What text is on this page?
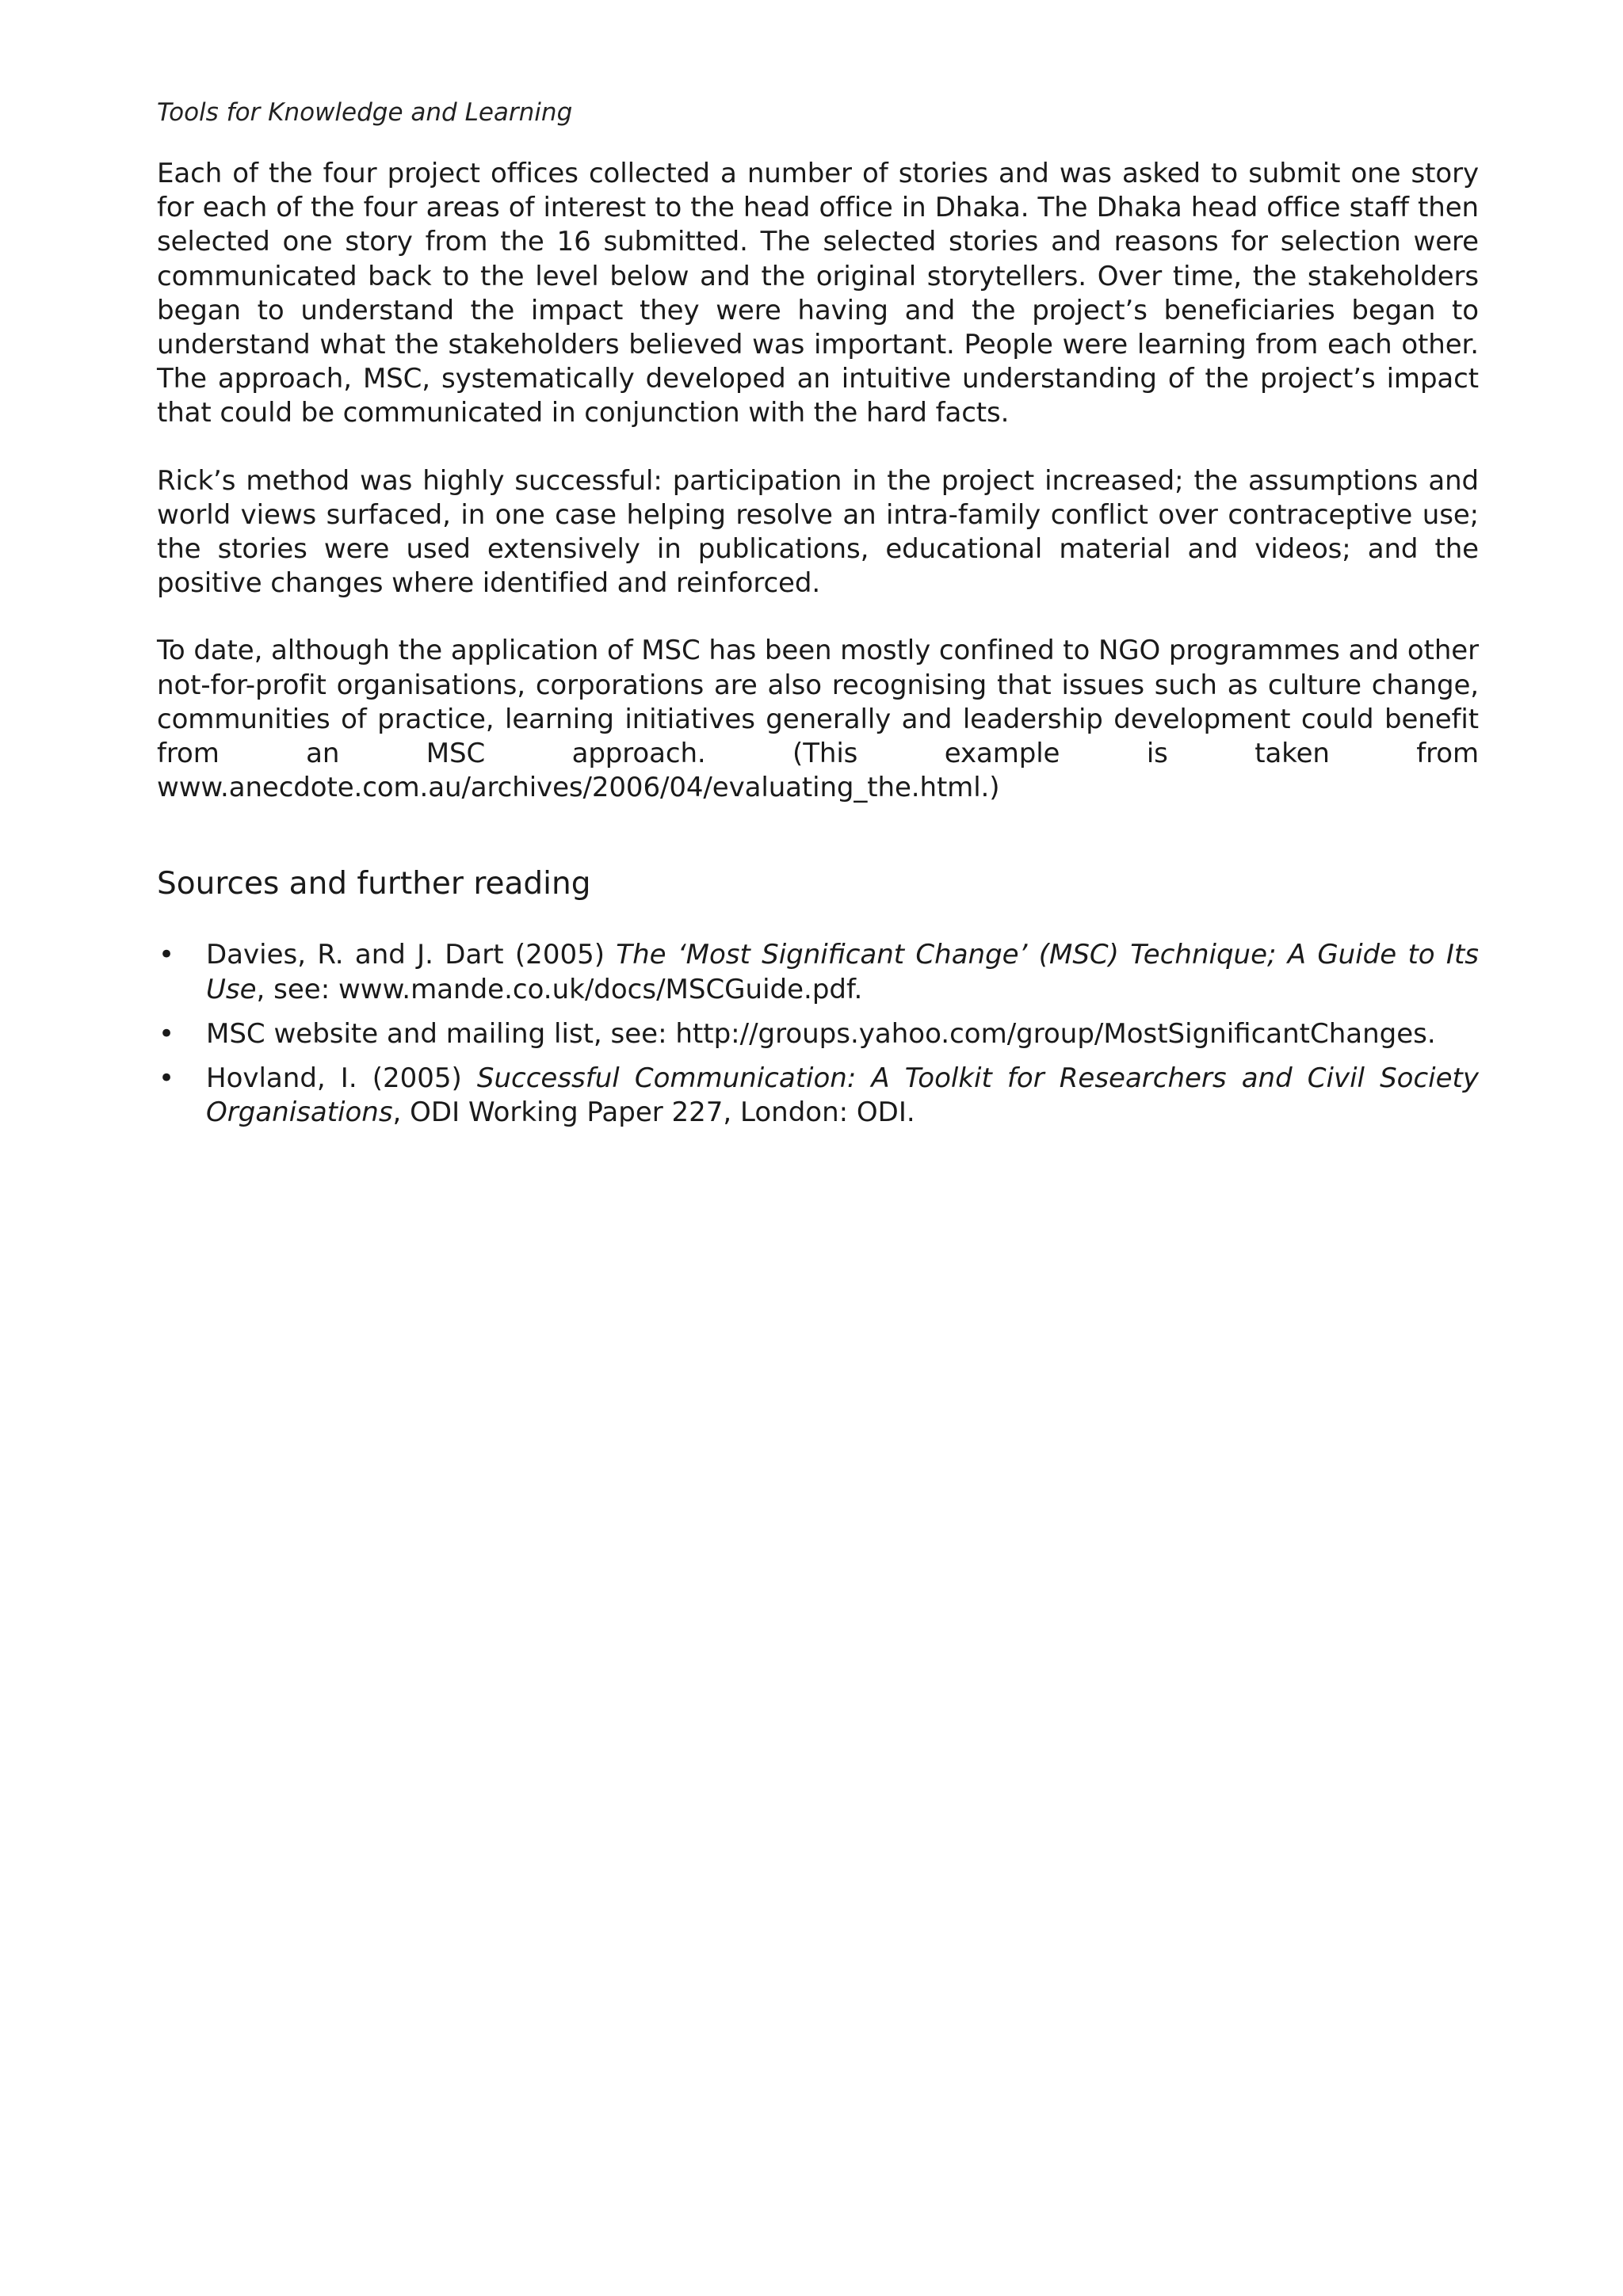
Tools for Knowledge and Learning

Each of the four project offices collected a number of stories and was asked to submit one story for each of the four areas of interest to the head office in Dhaka. The Dhaka head office staff then selected one story from the 16 submitted. The selected stories and reasons for selection were communicated back to the level below and the original storytellers. Over time, the stakeholders began to understand the impact they were having and the project’s beneficiaries began to understand what the stakeholders believed was important. People were learning from each other. The approach, MSC, systematically developed an intuitive understanding of the project’s impact that could be communicated in conjunction with the hard facts.

Rick’s method was highly successful: participation in the project increased; the assumptions and world views surfaced, in one case helping resolve an intra-family conflict over contraceptive use; the stories were used extensively in publications, educational material and videos; and the positive changes where identified and reinforced.

To date, although the application of MSC has been mostly confined to NGO programmes and other not-for-profit organisations, corporations are also recognising that issues such as culture change, communities of practice, learning initiatives generally and leadership development could benefit from an MSC approach. (This example is taken from www.anecdote.com.au/archives/2006/04/evaluating_the.html.)

Sources and further reading
• Davies, R. and J. Dart (2005) The ‘Most Significant Change’ (MSC) Technique; A Guide to Its Use, see: www.mande.co.uk/docs/MSCGuide.pdf.
• MSC website and mailing list, see: http://groups.yahoo.com/group/MostSignificantChanges.
• Hovland, I. (2005) Successful Communication: A Toolkit for Researchers and Civil Society Organisations, ODI Working Paper 227, London: ODI.
